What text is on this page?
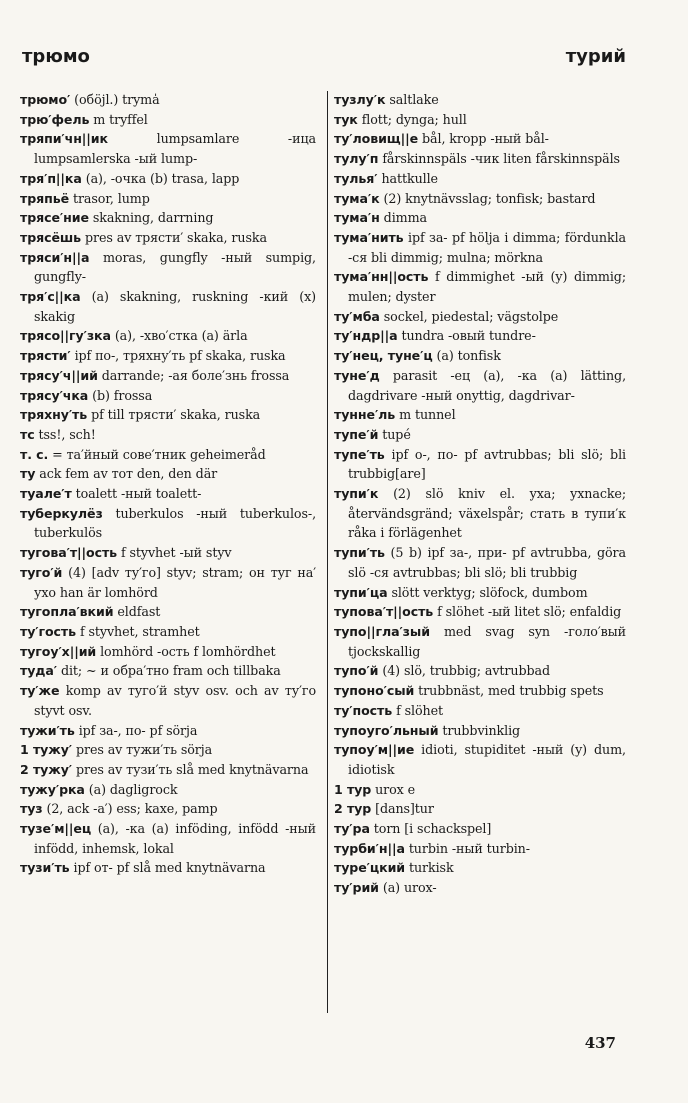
трюмо	турий

трюмо′ (обöjl.) tryma̍

трю′фель m tryffel

тряпи′чн||ик	lumpsamlare -ица lumpsamlerska -ый lump-

тря′п||ка (a), -очка (b) trasa, lapp

тряпьё trasor, lump

трясе′ние skakning, darrning

трясёшь pres av трясти′ skaka, ruska

тряси′н||а moras, gungfly -ный sumpig, gungfly-

тря′с||ка (a) skakning, ruskning -кий (x) skakig

трясо||гу′зка (a), -хво′стка (a) ärla

трясти′ ipf по-, тряхну′ть pf skaka, ruska

трясу′ч||ий darrande; -ая боле′знь frossa

трясу′чка (b) frossa

тряхну′ть pf till трясти′ skaka, ruska

тс tss!, sch!

т. с. = та′йный сове′тник geheimeråd

ту ack fem av тот den, den där

туале′т toalett -ный toalett-

туберкулёз tuberkulos -ный tuberkulos-, tuberkulös

тугова′т||ость f styvhet -ый styv

туго′й (4) [adv ту′го] styv; stram; он туг на′ ухо han är lomhörd

тугопла′вкий eldfast

ту′гость f styvhet, stramhet

тугоу′х||ий lomhörd -ость f lomhördhet

туда′ dit; ~ и обра′тно fram och tillbaka

ту′же komp av туго′й styv osv. och av ту′го styvt osv.

тужи′ть ipf за-, по- pf sörja

1 тужу′ pres av тужи′ть sörja

2 тужу′ pres av тузи′ть slå med knytnävarna

тужу′рка (a) dagligrock

туз (2, ack -а′) ess; kaxe, pamp

тузе′м||ец (a), -ка (a) inföding, infödd -ный infödd, inhemsk, lokal

тузи′ть ipf от- pf slå med knytnävarna

тузлу′к saltlake

тук flott; dynga; hull

ту′ловищ||е bål, kropp -ный bål-

тулу′п fårskinnspäls -чик liten fårskinnspäls

тулья′ hattkulle

тума′к (2) knytnävsslag; tonfisk; bastard

тума′н dimma

тума′нить ipf за- pf hölja i dimma; fördunkla -ся bli dimmig; mulna; mörkna

тума′нн||ость f dimmighet -ый (y) dimmig; mulen; dyster

ту′мба sockel, piedestal; vägstolpe

ту′ндр||а tundra -овый tundre-

ту′нец, туне′ц (a) tonfisk

туне′д parasit -ец (a), -ка (a) lätting, dagdrivare -ный onyttig, dagdrivar-

тунне′ль m tunnel

тупе′й tupé

тупе′ть ipf о-, по- pf avtrubbas; bli slö; bli trubbig[are]

тупи′к (2) slö kniv el. yxa; yxnacke; återvändsgränd; växelspår; стать в тупи′к råka i förlägenhet

тупи′ть (5 b) ipf за-, при- pf avtrubba, göra slö -ся avtrubbas; bli slö; bli trubbig

тупи′ца slött verktyg; slöfock, dumbom

тупова′т||ость f slöhet -ый litet slö; enfaldig

тупо||гла′зый med svag syn -голо′вый tjockskallig

тупо′й (4) slö, trubbig; avtrubbad

тупоно′сый trubbnäst, med trubbig spets

ту′пость f slöhet

тупоуго′льный trubbvinklig

тупоу′м||ие idioti, stupiditet -ный (y) dum, idiotisk

1 тур urox e

2 тур [dans]tur

ту′ра torn [i schackspel]

турби′н||а turbin -ный turbin-

туре′цкий turkisk

ту′рий (a) urox-

437
